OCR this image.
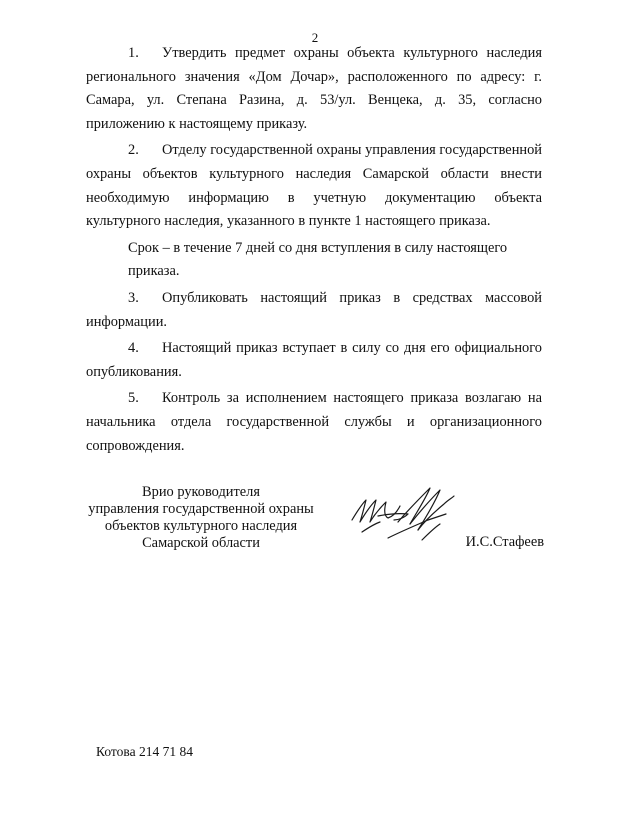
2

1. Утвердить предмет охраны объекта культурного наследия регионального значения «Дом Дочар», расположенного по адресу: г. Самара, ул. Степана Разина, д. 53/ул. Венцека, д. 35, согласно приложению к настоящему приказу.

2. Отделу государственной охраны управления государственной охраны объектов культурного наследия Самарской области внести необходимую информацию в учетную документацию объекта культурного наследия, указанного в пункте 1 настоящего приказа.

Срок – в течение 7 дней со дня вступления в силу настоящего
приказа.

3. Опубликовать настоящий приказ в средствах массовой информации.

4. Настоящий приказ вступает в силу со дня его официального опубликования.

5. Контроль за исполнением настоящего приказа возлагаю на начальника отдела государственной службы и организационного сопровождения.

Врио руководителя
управления государственной охраны
объектов культурного наследия
Самарской области	И.С.Стафеев
Котова 214 71 84
